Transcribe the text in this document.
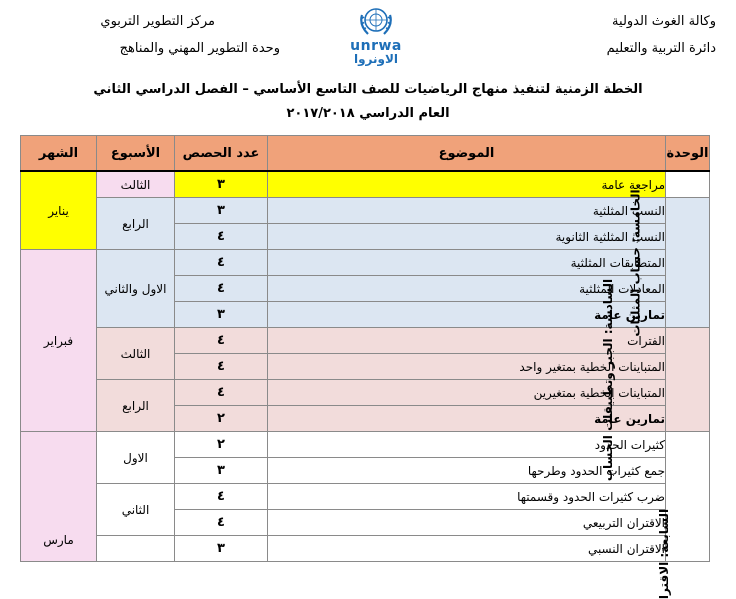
وكالة الغوث الدولية
دائرة التربية والتعليم
مركز التطوير التربوي
وحدة التطوير المهني والمناهج	unrwa
الاونروا
الخطة الزمنية لتنفيذ منهاج الرياضيات للصف التاسع الأساسي – الفصل الدراسي الثاني
العام الدراسي ٢٠١٧/٢٠١٨
الوحدة	الموضوع	عدد الحصص	الأسبوع	الشهر
	مراجعة عامة	٣	الثالث	يناير
الخامسة: حساب المثلثات	النسب المثلثية	٣	الرابع	
	النسب المثلثية الثانوية	٤		
	المتطابقات المثلثية	٤	الاول والثاني	فبراير
	المعادلات المثلثية	٤		
	تمارين عامة	٣		
السادسة: الجبر وتطبيقات الحساب	الفترات	٤	الثالث	
	المتباينات الخطية بمتغير واحد	٤		
	المتباينات الخطية بمتغيرين	٤	الرابع	
	تمارين عامة	٢		
السابعة: الاقترا	كثيرات الحدود	٢	الاول	مارس
	جمع كثيرات الحدود وطرحها	٣		
	ضرب كثيرات الحدود وقسمتها	٤	الثاني	
	الاقتران التربيعي	٤		
	الاقتران النسبي	٣		
